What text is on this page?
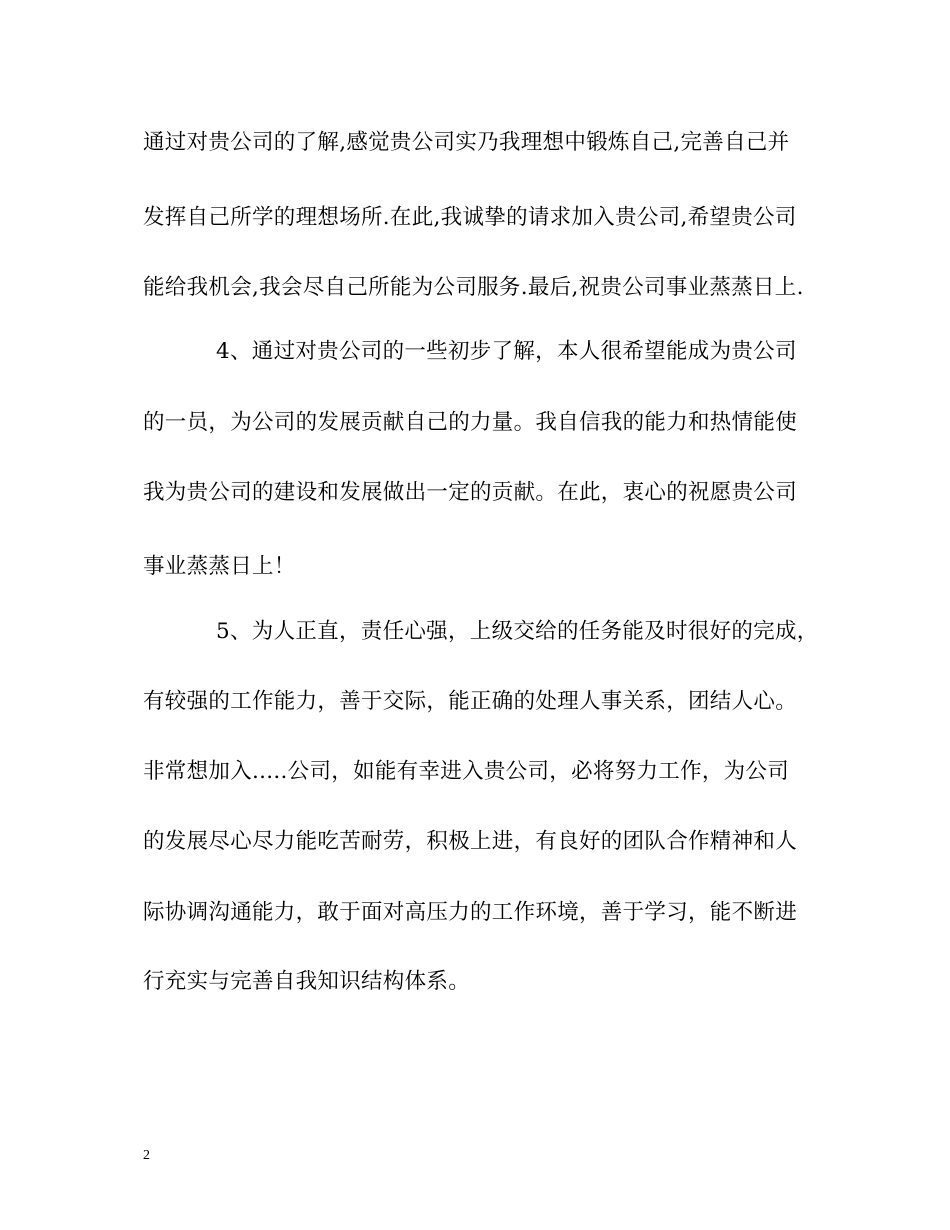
通过对贵公司的了解,感觉贵公司实乃我理想中锻炼自己,完善自己并
发挥自己所学的理想场所.在此,我诚挚的请求加入贵公司,希望贵公司
能给我机会,我会尽自己所能为公司服务.最后,祝贵公司事业蒸蒸日上.
4、通过对贵公司的一些初步了解，本人很希望能成为贵公司
的一员，为公司的发展贡献自己的力量。我自信我的能力和热情能使
我为贵公司的建设和发展做出一定的贡献。在此，衷心的祝愿贵公司
事业蒸蒸日上！
5、为人正直，责任心强，上级交给的任务能及时很好的完成，
有较强的工作能力，善于交际，能正确的处理人事关系，团结人心。
非常想加入.....公司，如能有幸进入贵公司，必将努力工作，为公司
的发展尽心尽力能吃苦耐劳，积极上进，有良好的团队合作精神和人
际协调沟通能力，敢于面对高压力的工作环境，善于学习，能不断进
行充实与完善自我知识结构体系。
2
